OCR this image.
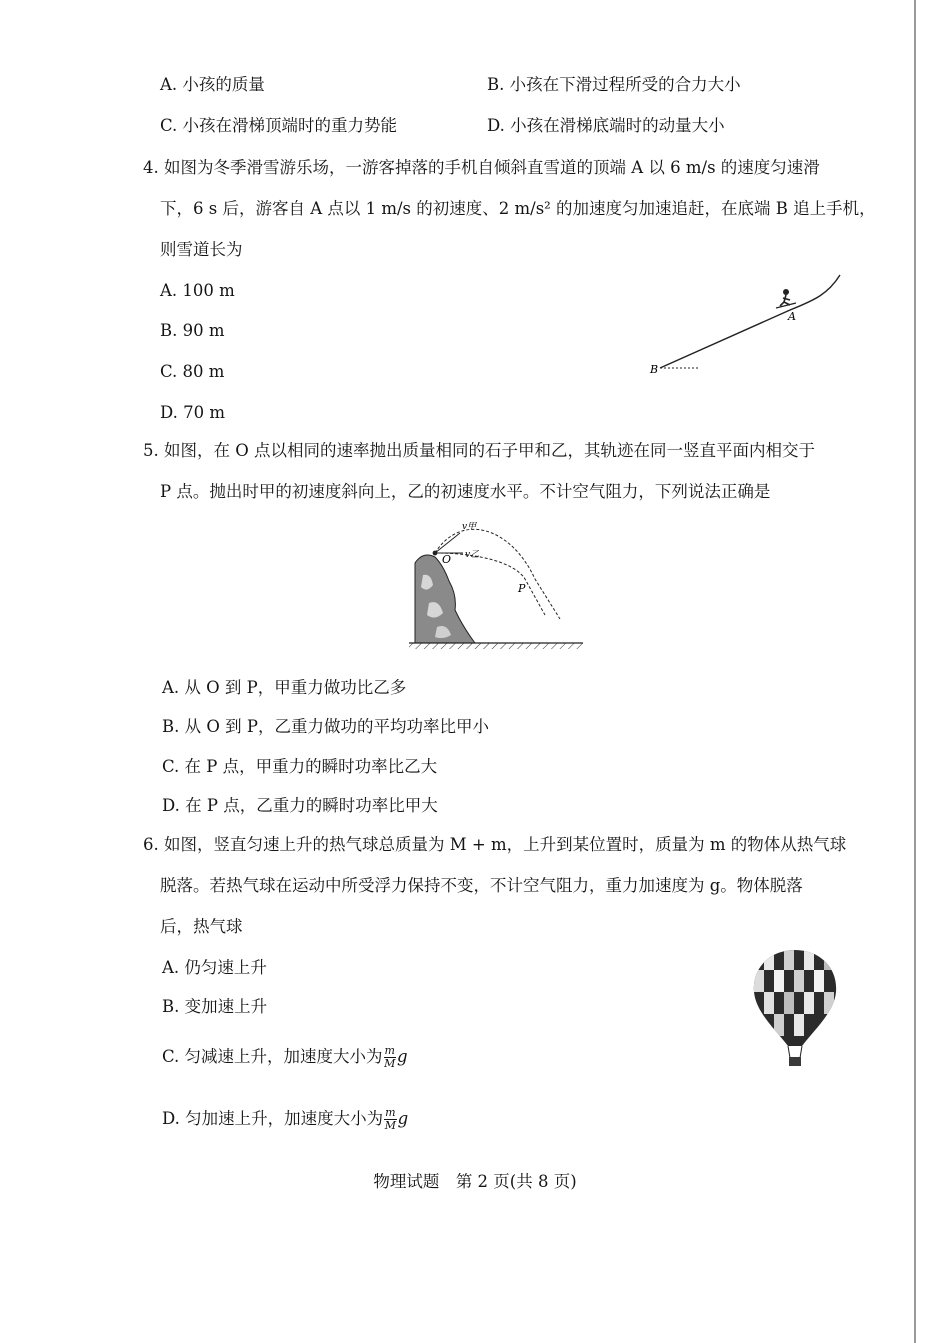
A. 小孩的质量	B. 小孩在下滑过程所受的合力大小
C. 小孩在滑梯顶端时的重力势能	D. 小孩在滑梯底端时的动量大小
4. 如图为冬季滑雪游乐场，一游客掉落的手机自倾斜直雪道的顶端 A 以 6 m/s 的速度匀速滑
下，6 s 后，游客自 A 点以 1 m/s 的初速度、2 m/s² 的加速度匀加速追赶，在底端 B 追上手机，
则雪道长为
A. 100 m
B. 90 m
C. 80 m
D. 70 m
A
B
5. 如图，在 O 点以相同的速率抛出质量相同的石子甲和乙，其轨迹在同一竖直平面内相交于
P 点。抛出时甲的初速度斜向上，乙的初速度水平。不计空气阻力，下列说法正确是
O
v甲
v乙
P
A. 从 O 到 P，甲重力做功比乙多
B. 从 O 到 P，乙重力做功的平均功率比甲小
C. 在 P 点，甲重力的瞬时功率比乙大
D. 在 P 点，乙重力的瞬时功率比甲大
6. 如图，竖直匀速上升的热气球总质量为 M + m，上升到某位置时，质量为 m 的物体从热气球
脱落。若热气球在运动中所受浮力保持不变，不计空气阻力，重力加速度为 g。物体脱落
后，热气球
A. 仍匀速上升
B. 变加速上升
C. 匀减速上升，加速度大小为 $\frac{m}{M}$ g
D. 匀加速上升，加速度大小为 $\frac{m}{M}$ g
物理试题　第 2 页(共 8 页)
